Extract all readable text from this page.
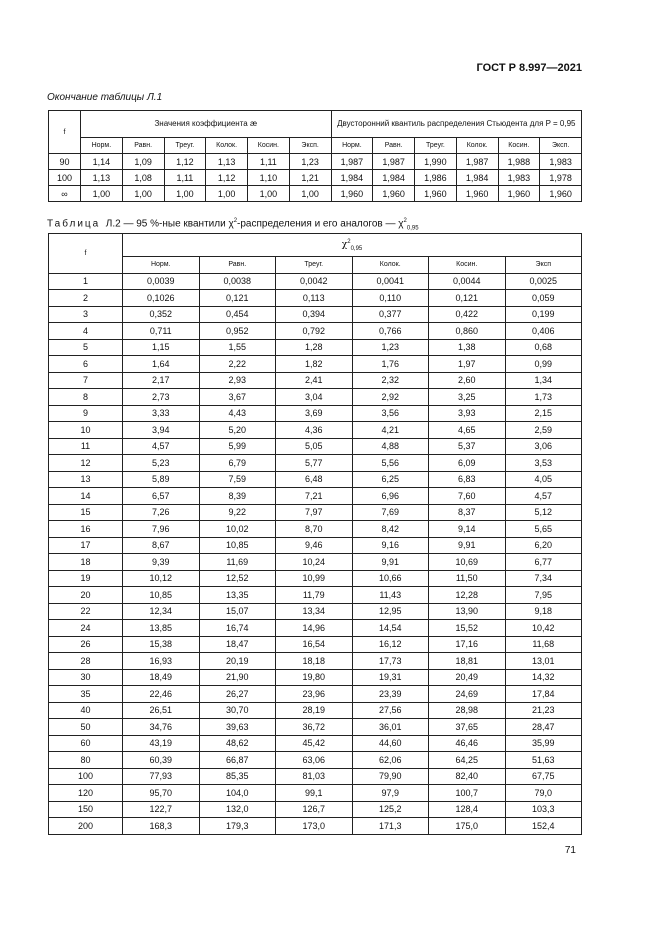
ГОСТ Р 8.997—2021
Окончание таблицы Л.1
f	Значения коэффициента æ						Двусторонний квантиль распределения Стьюдента для P = 0,95					
	Норм.	Равн.	Треуг.	Колок.	Косин.	Эксп.	Норм.	Равн.	Треуг.	Колок.	Косин.	Эксп.
90	1,14	1,09	1,12	1,13	1,11	1,23	1,987	1,987	1,990	1,987	1,988	1,983
100	1,13	1,08	1,11	1,12	1,10	1,21	1,984	1,984	1,986	1,984	1,983	1,978
∞	1,00	1,00	1,00	1,00	1,00	1,00	1,960	1,960	1,960	1,960	1,960	1,960
Таблица Л.2 — 95 %-ные квантили $\chi^2$-распределения и его аналогов — $\chi^2_{0,95}$
f	$\chi^2_{0,95}$
	Норм.	Равн.	Треуг.	Колок.	Косин.	Эксп
1	0,0039	0,0038	0,0042	0,0041	0,0044	0,0025
2	0,1026	0,121	0,113	0,110	0,121	0,059
3	0,352	0,454	0,394	0,377	0,422	0,199
4	0,711	0,952	0,792	0,766	0,860	0,406
5	1,15	1,55	1,28	1,23	1,38	0,68
6	1,64	2,22	1,82	1,76	1,97	0,99
7	2,17	2,93	2,41	2,32	2,60	1,34
8	2,73	3,67	3,04	2,92	3,25	1,73
9	3,33	4,43	3,69	3,56	3,93	2,15
10	3,94	5,20	4,36	4,21	4,65	2,59
11	4,57	5,99	5,05	4,88	5,37	3,06
12	5,23	6,79	5,77	5,56	6,09	3,53
13	5,89	7,59	6,48	6,25	6,83	4,05
14	6,57	8,39	7,21	6,96	7,60	4,57
15	7,26	9,22	7,97	7,69	8,37	5,12
16	7,96	10,02	8,70	8,42	9,14	5,65
17	8,67	10,85	9,46	9,16	9,91	6,20
18	9,39	11,69	10,24	9,91	10,69	6,77
19	10,12	12,52	10,99	10,66	11,50	7,34
20	10,85	13,35	11,79	11,43	12,28	7,95
22	12,34	15,07	13,34	12,95	13,90	9,18
24	13,85	16,74	14,96	14,54	15,52	10,42
26	15,38	18,47	16,54	16,12	17,16	11,68
28	16,93	20,19	18,18	17,73	18,81	13,01
30	18,49	21,90	19,80	19,31	20,49	14,32
35	22,46	26,27	23,96	23,39	24,69	17,84
40	26,51	30,70	28,19	27,56	28,98	21,23
50	34,76	39,63	36,72	36,01	37,65	28,47
60	43,19	48,62	45,42	44,60	46,46	35,99
80	60,39	66,87	63,06	62,06	64,25	51,63
100	77,93	85,35	81,03	79,90	82,40	67,75
120	95,70	104,0	99,1	97,9	100,7	79,0
150	122,7	132,0	126,7	125,2	128,4	103,3
200	168,3	179,3	173,0	171,3	175,0	152,4
71
